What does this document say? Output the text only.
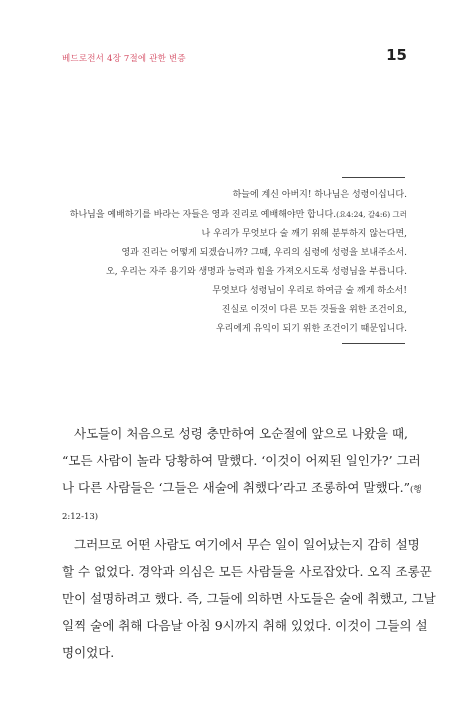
베드로전서 4장 7절에 관한 변증	15
하늘에 계신 아버지! 하나님은 성령이십니다.
하나님을 예배하기를 바라는 자들은 영과 진리로 예배해야만 합니다.(요4:24, 갈4:6) 그러
나 우리가 무엇보다 술 깨기 위해 분투하지 않는다면,
영과 진리는 어떻게 되겠습니까? 그때, 우리의 심령에 성령을 보내주소서.
오, 우리는 자주 용기와 생명과 능력과 힘을 가져오시도록 성령님을 부릅니다.
무엇보다 성령님이 우리로 하여금 술 깨게 하소서!
진실로 이것이 다른 모든 것들을 위한 조건이요,
우리에게 유익이 되기 위한 조건이기 때문입니다.
사도들이 처음으로 성령 충만하여 오순절에 앞으로 나왔을 때,
“모든 사람이 놀라 당황하여 말했다. ‘이것이 어찌된 일인가?’ 그러
나 다른 사람들은 ‘그들은 새술에 취했다’라고 조롱하여 말했다.”(행
2:12-13)
그러므로 어떤 사람도 여기에서 무슨 일이 일어났는지 감히 설명
할 수 없었다. 경악과 의심은 모든 사람들을 사로잡았다. 오직 조롱꾼
만이 설명하려고 했다. 즉, 그들에 의하면 사도들은 술에 취했고, 그날
일찍 술에 취해 다음날 아침 9시까지 취해 있었다. 이것이 그들의 설
명이었다.
